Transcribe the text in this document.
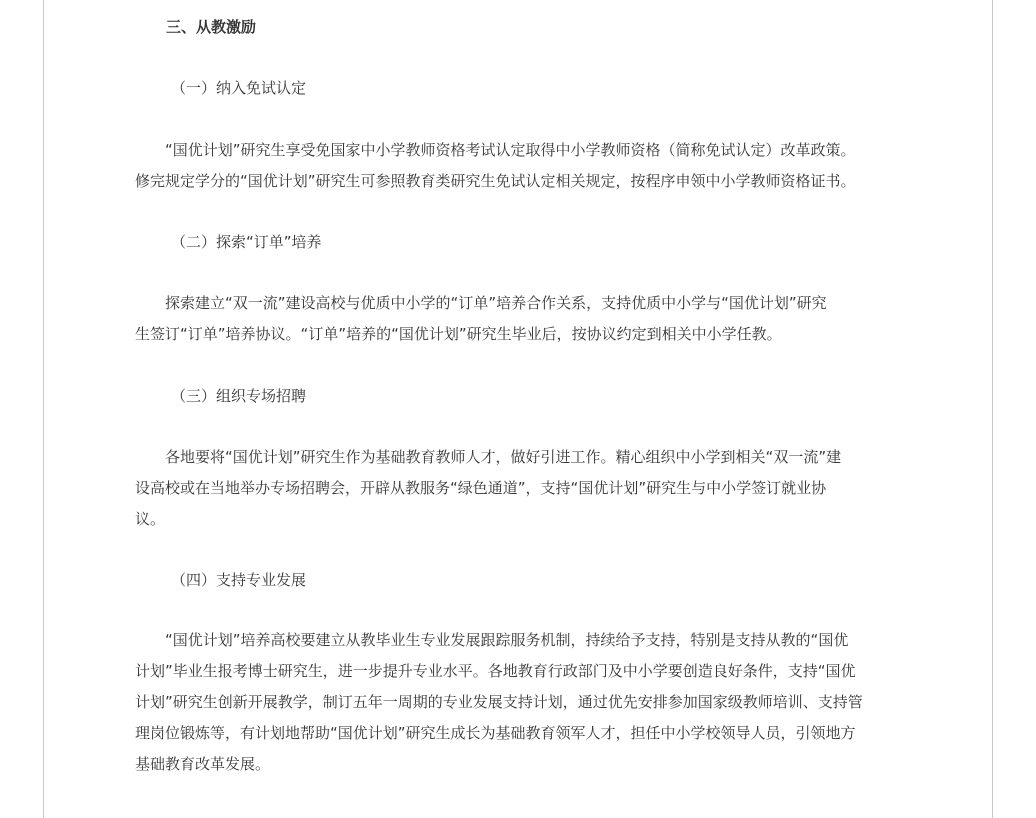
三、从教激励
（一）纳入免试认定
“国优计划”研究生享受免国家中小学教师资格考试认定取得中小学教师资格（简称免试认定）改革政策。
修完规定学分的“国优计划”研究生可参照教育类研究生免试认定相关规定，按程序申领中小学教师资格证书。
（二）探索“订单”培养
探索建立“双一流”建设高校与优质中小学的“订单”培养合作关系，支持优质中小学与“国优计划”研究
生签订“订单”培养协议。“订单”培养的“国优计划”研究生毕业后，按协议约定到相关中小学任教。
（三）组织专场招聘
各地要将“国优计划”研究生作为基础教育教师人才，做好引进工作。精心组织中小学到相关“双一流”建
设高校或在当地举办专场招聘会，开辟从教服务“绿色通道”，支持“国优计划”研究生与中小学签订就业协
议。
（四）支持专业发展
“国优计划”培养高校要建立从教毕业生专业发展跟踪服务机制，持续给予支持，特别是支持从教的“国优
计划”毕业生报考博士研究生，进一步提升专业水平。各地教育行政部门及中小学要创造良好条件，支持“国优
计划”研究生创新开展教学，制订五年一周期的专业发展支持计划，通过优先安排参加国家级教师培训、支持管
理岗位锻炼等，有计划地帮助“国优计划”研究生成长为基础教育领军人才，担任中小学校领导人员，引领地方
基础教育改革发展。
